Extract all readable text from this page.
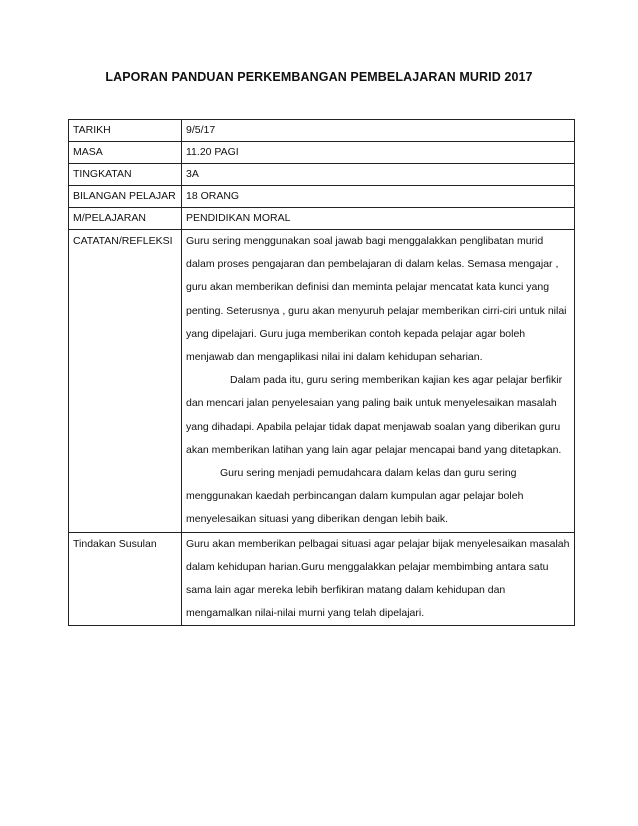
LAPORAN PANDUAN PERKEMBANGAN PEMBELAJARAN MURID 2017
TARIKH	9/5/17
MASA	11.20 PAGI
TINGKATAN	3A
BILANGAN PELAJAR	18 ORANG
M/PELAJARAN	PENDIDIKAN MORAL

CATATAN/REFLEKSI	Guru sering menggunakan soal jawab bagi menggalakkan penglibatan murid dalam proses pengajaran dan pembelajaran di dalam kelas. Semasa mengajar , guru akan memberikan definisi dan meminta pelajar mencatat kata kunci yang penting. Seterusnya , guru akan menyuruh pelajar memberikan cirri-ciri untuk nilai yang dipelajari. Guru juga memberikan contoh kepada pelajar agar boleh menjawab dan mengaplikasi nilai ini dalam kehidupan seharian.

Dalam pada itu, guru sering memberikan kajian kes agar pelajar berfikir dan mencari jalan penyelesaian yang paling baik untuk menyelesaikan masalah yang dihadapi. Apabila pelajar tidak dapat menjawab soalan yang diberikan guru akan memberikan latihan yang lain agar pelajar mencapai band yang ditetapkan.

Guru sering menjadi pemudahcara dalam kelas dan guru sering menggunakan kaedah perbincangan dalam kumpulan agar pelajar boleh menyelesaikan situasi yang diberikan dengan lebih baik.

Tindakan Susulan	Guru akan memberikan pelbagai situasi agar pelajar bijak menyelesaikan masalah dalam kehidupan harian.Guru menggalakkan pelajar membimbing antara satu sama lain agar mereka lebih berfikiran matang dalam kehidupan dan mengamalkan nilai-nilai murni yang telah dipelajari.
